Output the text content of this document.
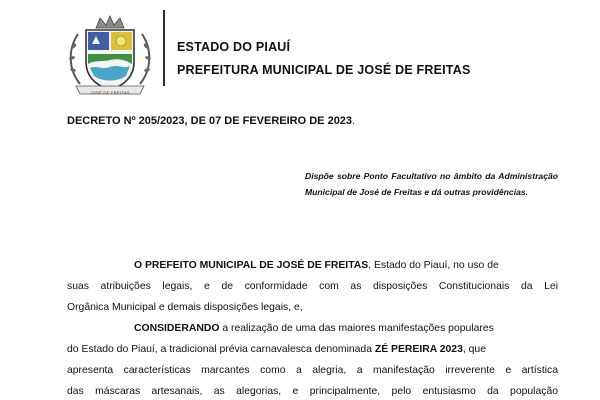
JOSÉ DE FREITAS
ESTADO DO PIAUÍ
PREFEITURA MUNICIPAL DE JOSÉ DE FREITAS
DECRETO Nº 205/2023, DE 07 DE FEVEREIRO DE 2023.
Dispõe sobre Ponto Facultativo no âmbito da Administração Municipal de José de Freitas e dá outras providências.
O PREFEITO MUNICIPAL DE JOSÉ DE FREITAS, Estado do Piauí, no uso de
suas atribuições legais, e de conformidade com as disposições Constitucionais da Lei
Orgânica Municipal e demais disposições legais, e,
CONSIDERANDO a realização de uma das maiores manifestações populares
do Estado do Piauí, a tradicional prévia carnavalesca denominada ZÉ PEREIRA 2023, que
apresenta características marcantes como a alegria, a manifestação irreverente e artística
das máscaras artesanais, as alegorias, e principalmente, pelo entusiasmo da população
